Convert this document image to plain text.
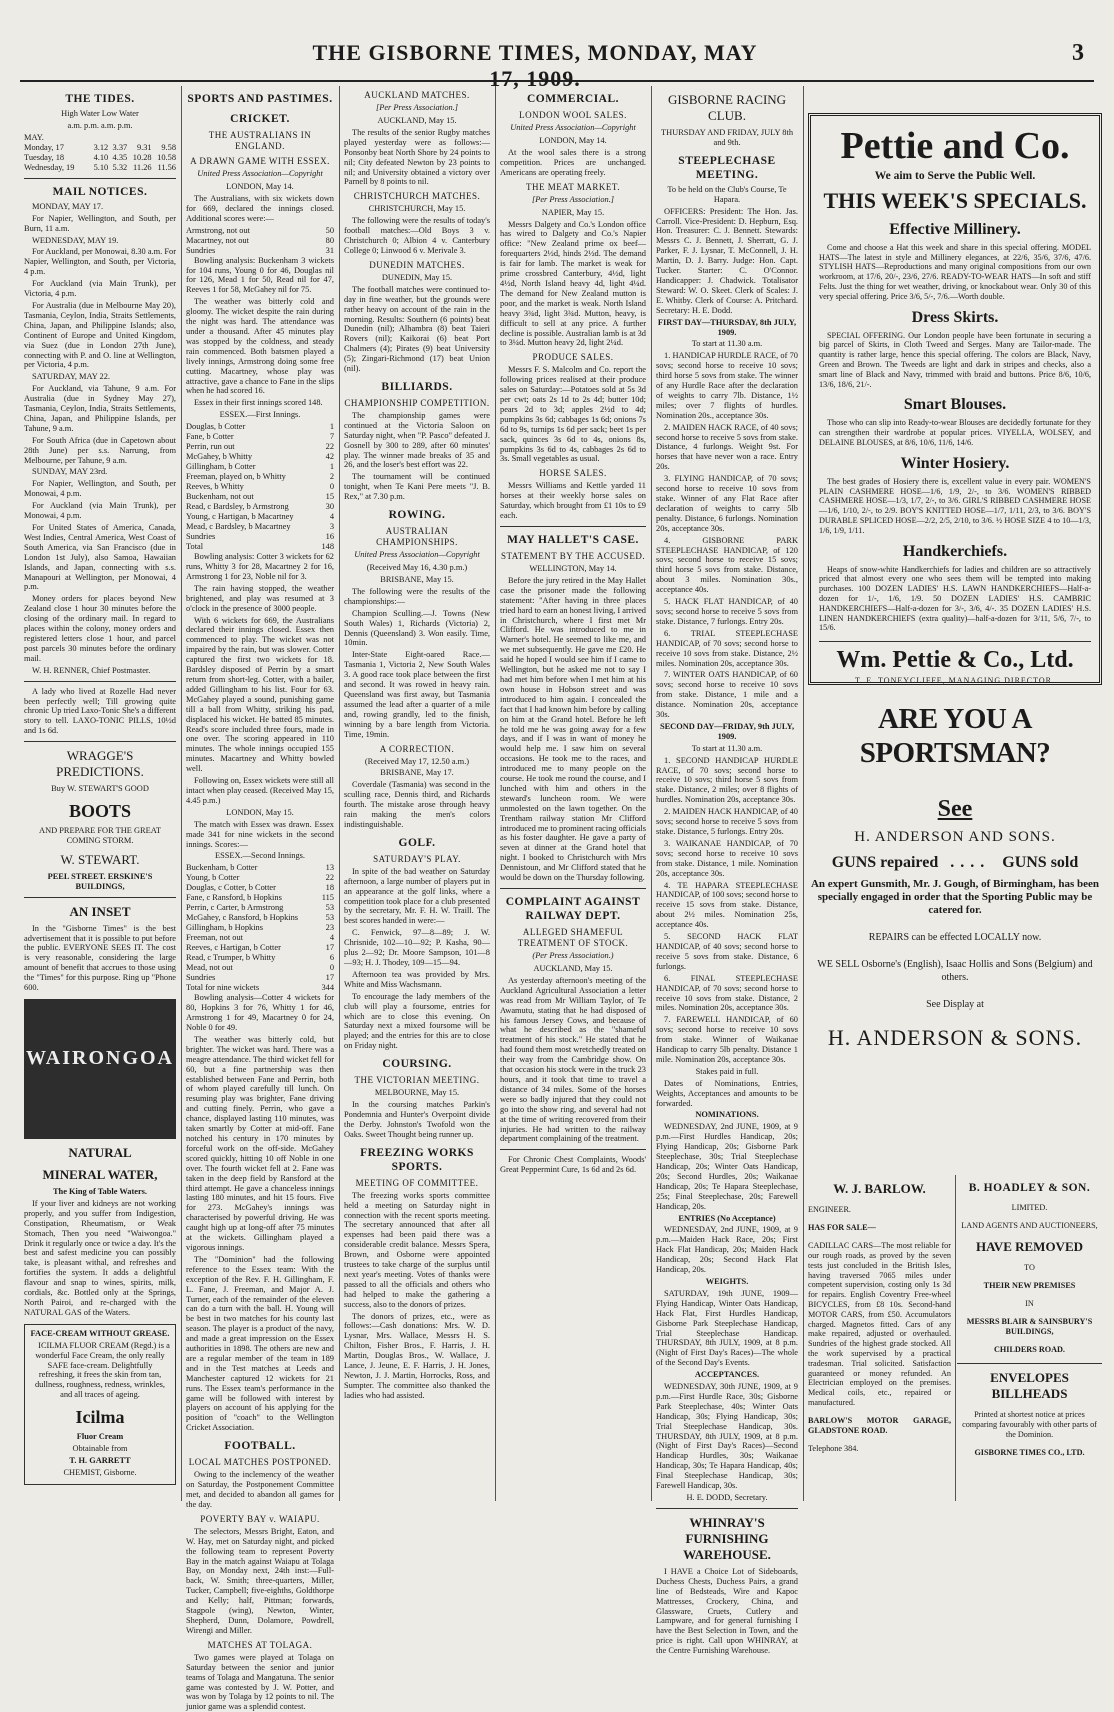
THE GISBORNE TIMES, MONDAY, MAY 17, 1909.
3
THE TIDES.

High Water Low Water

a.m. p.m. a.m. p.m.

MAY.				
Monday, 17	3.12	3.37	9.31	9.58
Tuesday, 18	4.10	4.35	10.28	10.58
Wednesday, 19	5.10	5.32	11.26	11.56
MAIL NOTICES.

MONDAY, MAY 17.

For Napier, Wellington, and South, per Burn, 11 a.m.

WEDNESDAY, MAY 19.

For Auckland, per Monowai, 8.30 a.m. For Napier, Wellington, and South, per Victoria, 4 p.m.

For Auckland (via Main Trunk), per Victoria, 4 p.m.

For Australia (due in Melbourne May 20), Tasmania, Ceylon, India, Straits Settlements, China, Japan, and Philippine Islands; also, Continent of Europe and United Kingdom, via Suez (due in London 27th June), connecting with P. and O. line at Wellington, per Victoria, 4 p.m.

SATURDAY, MAY 22.

For Auckland, via Tahune, 9 a.m. For Australia (due in Sydney May 27), Tasmania, Ceylon, India, Straits Settlements, China, Japan, and Philippine Islands, per Tahune, 9 a.m.

For South Africa (due in Capetown about 28th June) per s.s. Narrung, from Melbourne, per Tahune, 9 a.m.

SUNDAY, MAY 23rd.

For Napier, Wellington, and South, per Monowai, 4 p.m.

For Auckland (via Main Trunk), per Monowai, 4 p.m.

For United States of America, Canada, West Indies, Central America, West Coast of South America, via San Francisco (due in London 1st July), also Samoa, Hawaiian Islands, and Japan, connecting with s.s. Manapouri at Wellington, per Monowai, 4 p.m.

Money orders for places beyond New Zealand close 1 hour 30 minutes before the closing of the ordinary mail. In regard to places within the colony, money orders and registered letters close 1 hour, and parcel post parcels 30 minutes before the ordinary mail.

W. H. RENNER, Chief Postmaster.

A lady who lived at Rozelle Had never been perfectly well; Till growing quite chronic Up tried Laxo-Tonic She's a different story to tell. LAXO-TONIC PILLS, 10½d and 1s 6d.

WRAGGE'S PREDICTIONS.

Buy W. STEWART'S GOOD

BOOTS

AND PREPARE FOR THE GREAT COMING STORM.

W. STEWART.

PEEL STREET. ERSKINE'S BUILDINGS,

AN INSET

In the "Gisborne Times" is the best advertisement that it is possible to put before the public. EVERYONE SEES IT. The cost is very reasonable, considering the large amount of benefit that accrues to those using the "Times" for this purpose. Ring up "Phone 600.

WAIRONGOA
NATURAL
MINERAL WATER,

The King of Table Waters.

If your liver and kidneys are not working properly, and you suffer from Indigestion, Constipation, Rheumatism, or Weak Stomach, Then you need "Waiwongoa." Drink it regularly once or twice a day. It's the best and safest medicine you can possibly take, is pleasant withal, and refreshes and fortifies the system. It adds a delightful flavour and snap to wines, spirits, milk, cordials, &c. Bottled only at the Springs, North Pairoi, and re-charged with the NATURAL GAS of the Waters.

FACE-CREAM WITHOUT GREASE.

ICILMA FLUOR CREAM (Regd.) is a wonderful Face Cream, the only really SAFE face-cream. Delightfully refreshing, it frees the skin from tan, dullness, roughness, redness, wrinkles, and all traces of ageing.

Icilma

Fluor Cream

Obtainable from

T. H. GARRETT

CHEMIST, Gisborne.

SPORTS AND PASTIMES.
CRICKET.
THE AUSTRALIANS IN ENGLAND.
A DRAWN GAME WITH ESSEX.
United Press Association—Copyright

LONDON, May 14.

The Australians, with six wickets down for 669, declared the innings closed. Additional scores were:—

Armstrong, not out	50
Macartney, not out	80
Sundries	31

Bowling analysis: Buckenham 3 wickets for 104 runs, Young 0 for 46, Douglas nil for 126, Mead 1 for 50, Read nil for 47, Reeves 1 for 58, McGahey nil for 75.

The weather was bitterly cold and gloomy. The wicket despite the rain during the night was hard. The attendance was under a thousand. After 45 minutes play was stopped by the coldness, and steady rain commenced. Both batsmen played a lively innings, Armstrong doing some free cutting. Macartney, whose play was attractive, gave a chance to Fane in the slips when he had scored 16.

Essex in their first innings scored 148.

ESSEX.—First Innings.

Douglas, b Cotter	1
Fane, b Cotter	7
Perrin, run out	22
McGahey, b Whitty	42
Gillingham, b Cotter	1
Freeman, played on, b Whitty	2
Reeves, b Whitty	0
Buckenham, not out	15
Read, c Bardsley, b Armstrong	30
Young, c Hartigan, b Macartney	4
Mead, c Bardsley, b Macartney	3
Sundries	16
Total	148

Bowling analysis: Cotter 3 wickets for 62 runs, Whitty 3 for 28, Macartney 2 for 16, Armstrong 1 for 23, Noble nil for 3.

The rain having stopped, the weather brightened, and play was resumed at 3 o'clock in the presence of 3000 people.

With 6 wickets for 669, the Australians declared their innings closed. Essex then commenced to play. The wicket was not impaired by the rain, but was slower. Cotter captured the first two wickets for 18. Bardsley disposed of Perrin by a smart return from short-leg. Cotter, with a bailer, added Gillingham to his list. Four for 63. McGahey played a sound, punishing game till a ball from Whitty, striking his pad, displaced his wicket. He batted 85 minutes. Read's score included three fours, made in one over. The scoring appeared in 110 minutes. The whole innings occupied 155 minutes. Macartney and Whitty bowled well.

Following on, Essex wickets were still all intact when play ceased. (Received May 15, 4.45 p.m.)

LONDON, May 15.

The match with Essex was drawn. Essex made 341 for nine wickets in the second innings. Scores:—

ESSEX.—Second Innings.

Buckenham, b Cotter	13
Young, b Cotter	22
Douglas, c Cotter, b Cotter	18
Fane, c Ransford, b Hopkins	115
Perrin, c Carter, b Armstrong	53
McGahey, c Ransford, b Hopkins	53
Gillingham, b Hopkins	23
Freeman, not out	4
Reeves, c Hartigan, b Cotter	17
Read, c Trumper, b Whitty	6
Mead, not out	0
Sundries	17
Total for nine wickets	344

Bowling analysis—Cotter 4 wickets for 80, Hopkins 3 for 76, Whitty 1 for 46, Armstrong 1 for 49, Macartney 0 for 24, Noble 0 for 49.

The weather was bitterly cold, but brighter. The wicket was hard. There was a meagre attendance. The third wicket fell for 60, but a fine partnership was then established between Fane and Perrin, both of whom played carefully till lunch. On resuming play was brighter, Fane driving and cutting finely. Perrin, who gave a chance, displayed lasting 110 minutes, was taken smartly by Cotter at mid-off. Fane notched his century in 170 minutes by forceful work on the off-side. McGahey scored quickly, hitting 10 off Noble in one over. The fourth wicket fell at 2. Fane was taken in the deep field by Ransford at the third attempt. He gave a chanceless innings lasting 180 minutes, and hit 15 fours. Five for 273. McGahey's innings was characterised by powerful driving. He was caught high up at long-off after 75 minutes at the wickets. Gillingham played a vigorous innings.

The "Dominion" had the following reference to the Essex team: With the exception of the Rev. F. H. Gillingham, F. L. Fane, J. Freeman, and Major A. J. Turner, each of the remainder of the eleven can do a turn with the ball. H. Young will be best in two matches for his county last season. The player is a product of the navy, and made a great impression on the Essex authorities in 1898. The others are new and are a regular member of the team in 189 and in the Test matches at Leeds and Manchester captured 12 wickets for 21 runs. The Essex team's performance in the game will be followed with interest by players on account of his applying for the position of "coach" to the Wellington Cricket Association.

FOOTBALL.
LOCAL MATCHES POSTPONED.

Owing to the inclemency of the weather on Saturday, the Postponement Committee met, and decided to abandon all games for the day.

POVERTY BAY v. WAIAPU.

The selectors, Messrs Bright, Eaton, and W. Hay, met on Saturday night, and picked the following team to represent Poverty Bay in the match against Waiapu at Tolaga Bay, on Monday next, 24th inst:—Full-back, W. Smith; three-quarters, Miller, Tucker, Campbell; five-eighths, Goldthorpe and Kelly; half, Pittman; forwards, Stagpole (wing), Newton, Winter, Shepherd, Dunn, Dolamore, Powdrell, Wirengi and Miller.

MATCHES AT TOLAGA.

Two games were played at Tolaga on Saturday between the senior and junior teams of Tolaga and Mangatuna. The senior game was contested by J. W. Potter, and was won by Tolaga by 12 points to nil. The junior game was a splendid contest.

AUCKLAND MATCHES.
[Per Press Association.]

AUCKLAND, May 15.

The results of the senior Rugby matches played yesterday were as follows:—Ponsonby beat North Shore by 24 points to nil; City defeated Newton by 23 points to nil; and University obtained a victory over Parnell by 8 points to nil.

CHRISTCHURCH MATCHES.

CHRISTCHURCH, May 15.

The following were the results of today's football matches:—Old Boys 3 v. Christchurch 0; Albion 4 v. Canterbury College 0; Linwood 6 v. Merivale 3.

DUNEDIN MATCHES.

DUNEDIN, May 15.

The football matches were continued to-day in fine weather, but the grounds were rather heavy on account of the rain in the morning. Results: Southern (6 points) beat Dunedin (nil); Alhambra (8) beat Taieri Rovers (nil); Kaikorai (6) beat Port Chalmers (4); Pirates (9) beat University (5); Zingari-Richmond (17) beat Union (nil).

BILLIARDS.
CHAMPIONSHIP COMPETITION.

The championship games were continued at the Victoria Saloon on Saturday night, when "P. Pasco" defeated J. Gosnell by 300 to 289, after 60 minutes' play. The winner made breaks of 35 and 26, and the loser's best effort was 22.

The tournament will be continued tonight, when Te Kani Pere meets "J. B. Rex," at 7.30 p.m.

ROWING.
AUSTRALIAN CHAMPIONSHIPS.
United Press Association—Copyright

(Received May 16, 4.30 p.m.)

BRISBANE, May 15.

The following were the results of the championships:—

Champion Sculling.—J. Towns (New South Wales) 1, Richards (Victoria) 2, Dennis (Queensland) 3. Won easily. Time, 10min.

Inter-State Eight-oared Race.—Tasmania 1, Victoria 2, New South Wales 3. A good race took place between the first and second. It was rowed in heavy rain. Queensland was first away, but Tasmania assumed the lead after a quarter of a mile and, rowing grandly, led to the finish, winning by a bare length from Victoria. Time, 19min.

A CORRECTION.

(Received May 17, 12.50 a.m.)

BRISBANE, May 17.

Coverdale (Tasmania) was second in the sculling race, Dennis third, and Richards fourth. The mistake arose through heavy rain making the men's colors indistinguishable.

GOLF.
SATURDAY'S PLAY.

In spite of the bad weather on Saturday afternoon, a large number of players put in an appearance at the golf links, where a competition took place for a club presented by the secretary, Mr. F. H. W. Traill. The best scores handed in were:—

C. Fenwick, 97—8—89; J. W. Chrisnide, 102—10—92; P. Kasha, 90—plus 2—92; Dr. Moore Sampson, 101—8—93; H. J. Thodey, 109—15—94.

Afternoon tea was provided by Mrs. White and Miss Wachsmann.

To encourage the lady members of the club will play a foursome, entries for which are to close this evening. On Saturday next a mixed foursome will be played; and the entries for this are to close on Friday night.

COURSING.
THE VICTORIAN MEETING.

MELBOURNE, May 15.

In the coursing matches Parkin's Pondemnia and Hunter's Overpoint divide the Derby. Johnston's Twofold won the Oaks. Sweet Thought being runner up.

FREEZING WORKS SPORTS.
MEETING OF COMMITTEE.

The freezing works sports committee held a meeting on Saturday night in connection with the recent sports meeting. The secretary announced that after all expenses had been paid there was a considerable credit balance. Messrs Spera, Brown, and Osborne were appointed trustees to take charge of the surplus until next year's meeting. Votes of thanks were passed to all the officials and others who had helped to make the gathering a success, also to the donors of prizes.

The donors of prizes, etc., were as follows:—Cash donations: Mrs. W. D. Lysnar, Mrs. Wallace, Messrs H. S. Chilton, Fisher Bros., F. Harris, J. H. Martin, Douglas Bros., W. Wallace, J. Lance, J. Jeune, E. F. Harris, J. H. Jones, Newton, J. J. Martin, Horrocks, Ross, and Sumpter. The committee also thanked the ladies who had assisted.

COMMERCIAL.
LONDON WOOL SALES.
United Press Association—Copyright

LONDON, May 14.

At the wool sales there is a strong competition. Prices are unchanged. Americans are operating freely.

THE MEAT MARKET.
[Per Press Association.]

NAPIER, May 15.

Messrs Dalgety and Co.'s London office has wired to Dalgety and Co.'s Napier office: "New Zealand prime ox beef—forequarters 2½d, hinds 2½d. The demand is fair for lamb. The market is weak for prime crossbred Canterbury, 4½d, light 4½d, North Island heavy 4d, light 4¼d. The demand for New Zealand mutton is poor, and the market is weak. North Island heavy 3¾d, light 3¾d. Mutton, heavy, is difficult to sell at any price. A further decline is possible. Australian lamb is at 3d to 3¼d. Mutton heavy 2d, light 2¼d.

PRODUCE SALES.

Messrs F. S. Malcolm and Co. report the following prices realised at their produce sales on Saturday:—Potatoes sold at 5s 3d per cwt; oats 2s 1d to 2s 4d; butter 10d; pears 2d to 3d; apples 2½d to 4d; pumpkins 3s 6d; cabbages 1s 6d; onions 7s 6d to 9s, turnips 1s 6d per sack; beet 1s per sack, quinces 3s 6d to 4s, onions 8s, pumpkins 3s 6d to 4s, cabbages 2s 6d to 3s. Small vegetables as usual.

HORSE SALES.

Messrs Williams and Kettle yarded 11 horses at their weekly horse sales on Saturday, which brought from £1 10s to £9 each.

MAY HALLET'S CASE.
STATEMENT BY THE ACCUSED.

WELLINGTON, May 14.

Before the jury retired in the May Hallet case the prisoner made the following statement: "After having in three places tried hard to earn an honest living, I arrived in Christchurch, where I first met Mr Clifford. He was introduced to me in Warner's hotel. He seemed to like me, and we met subsequently. He gave me £20. He said he hoped I would see him if I came to Wellington, but he asked me not to say I had met him before when I met him at his own house in Hobson street and was introduced to him again. I concealed the fact that I had known him before by calling on him at the Grand hotel. Before he left he told me he was going away for a few days, and if I was in want of money he would help me. I saw him on several occasions. He took me to the races, and introduced me to many people on the course. He took me round the course, and I lunched with him and others in the steward's luncheon room. We were unmolested on the lawn together. On the Trentham railway station Mr Clifford introduced me to prominent racing officials as his foster daughter. He gave a party of seven at dinner at the Grand hotel that night. I booked to Christchurch with Mrs Dennistoun, and Mr Clifford stated that he would be down on the Thursday following.

COMPLAINT AGAINST RAILWAY DEPT.
ALLEGED SHAMEFUL TREATMENT OF STOCK.
(Per Press Association.)

AUCKLAND, May 15.

As yesterday afternoon's meeting of the Auckland Agricultural Association a letter was read from Mr William Taylor, of Te Awamutu, stating that he had disposed of his famous Jersey Cows, and because of what he described as the "shameful treatment of his stock." He stated that he had found them most wretchedly treated on their way from the Cambridge show. On that occasion his stock were in the truck 23 hours, and it took that time to travel a distance of 34 miles. Some of the horses were so badly injured that they could not go into the show ring, and several had not at the time of writing recovered from their injuries. He had written to the railway department complaining of the treatment.

For Chronic Chest Complaints, Woods' Great Peppermint Cure, 1s 6d and 2s 6d.

GISBORNE RACING CLUB.

THURSDAY AND FRIDAY, JULY 8th and 9th.

STEEPLECHASE MEETING.

To be held on the Club's Course, Te Hapara.

OFFICERS: President: The Hon. Jas. Carroll. Vice-President: D. Hepburn, Esq. Hon. Treasurer: C. J. Bennett. Stewards: Messrs C. J. Bennett, J. Sherratt, G. J. Parker, F. J. Lysnar, T. McConnell, J. H. Martin, D. J. Barry. Judge: Hon. Capt. Tucker. Starter: C. O'Connor. Handicapper: J. Chadwick. Totalisator Steward: W. O. Skeet. Clerk of Scales: J. E. Whitby. Clerk of Course: A. Pritchard. Secretary: H. E. Dodd.

FIRST DAY—THURSDAY, 8th JULY, 1909.

To start at 11.30 a.m.

1. HANDICAP HURDLE RACE, of 70 sovs; second horse to receive 10 sovs; third horse 5 sovs from stake. The winner of any Hurdle Race after the declaration of weights to carry 7lb. Distance, 1½ miles; over 7 flights of hurdles. Nomination 20s., acceptance 30s.

2. MAIDEN HACK RACE, of 40 sovs; second horse to receive 5 sovs from stake. Distance, 4 furlongs. Weight 9st. For horses that have never won a race. Entry 20s.

3. FLYING HANDICAP, of 70 sovs; second horse to receive 10 sovs from stake. Winner of any Flat Race after declaration of weights to carry 5lb penalty. Distance, 6 furlongs. Nomination 20s, acceptance 30s.

4. GISBORNE PARK STEEPLECHASE HANDICAP, of 120 sovs; second horse to receive 15 sovs; third horse 5 sovs from stake. Distance, about 3 miles. Nomination 30s., acceptance 40s.

5. HACK FLAT HANDICAP, of 40 sovs; second horse to receive 5 sovs from stake. Distance, 7 furlongs. Entry 20s.

6. TRIAL STEEPLECHASE HANDICAP, of 70 sovs; second horse to receive 10 sovs from stake. Distance, 2½ miles. Nomination 20s, acceptance 30s.

7. WINTER OATS HANDICAP, of 60 sovs; second horse to receive 10 sovs from stake. Distance, 1 mile and a distance. Nomination 20s, acceptance 30s.

SECOND DAY—FRIDAY, 9th JULY, 1909.

To start at 11.30 a.m.

1. SECOND HANDICAP HURDLE RACE, of 70 sovs; second horse to receive 10 sovs; third horse 5 sovs from stake. Distance, 2 miles; over 8 flights of hurdles. Nomination 20s, acceptance 30s.

2. MAIDEN HACK HANDICAP, of 40 sovs; second horse to receive 5 sovs from stake. Distance, 5 furlongs. Entry 20s.

3. WAIKANAE HANDICAP, of 70 sovs; second horse to receive 10 sovs from stake. Distance, 1 mile. Nomination 20s, acceptance 30s.

4. TE HAPARA STEEPLECHASE HANDICAP, of 100 sovs; second horse to receive 15 sovs from stake. Distance, about 2½ miles. Nomination 25s, acceptance 40s.

5. SECOND HACK FLAT HANDICAP, of 40 sovs; second horse to receive 5 sovs from stake. Distance, 6 furlongs.

6. FINAL STEEPLECHASE HANDICAP, of 70 sovs; second horse to receive 10 sovs from stake. Distance, 2 miles. Nomination 20s, acceptance 30s.

7. FAREWELL HANDICAP, of 60 sovs; second horse to receive 10 sovs from stake. Winner of Waikanae Handicap to carry 5lb penalty. Distance 1 mile. Nomination 20s, acceptance 30s.

Stakes paid in full.

Dates of Nominations, Entries, Weights, Acceptances and amounts to be forwarded.

NOMINATIONS.

WEDNESDAY, 2nd JUNE, 1909, at 9 p.m.—First Hurdles Handicap, 20s; Flying Handicap, 20s; Gisborne Park Steeplechase, 30s; Trial Steeplechase Handicap, 20s; Winter Oats Handicap, 20s; Second Hurdles, 20s; Waikanae Handicap, 20s; Te Hapara Steeplechase, 25s; Final Steeplechase, 20s; Farewell Handicap, 20s.

ENTRIES (No Acceptance)

WEDNESDAY, 2nd JUNE, 1909, at 9 p.m.—Maiden Hack Race, 20s; First Hack Flat Handicap, 20s; Maiden Hack Handicap, 20s; Second Hack Flat Handicap, 20s.

WEIGHTS.

SATURDAY, 19th JUNE, 1909—Flying Handicap, Winter Oats Handicap, Hack Flat, First Hurdles Handicap, Gisborne Park Steeplechase Handicap, Trial Steeplechase Handicap. THURSDAY, 8th JULY, 1909, at 8 p.m. (Night of First Day's Races)—The whole of the Second Day's Events.

ACCEPTANCES.

WEDNESDAY, 30th JUNE, 1909, at 9 p.m.—First Hurdle Race, 30s; Gisborne Park Steeplechase, 40s; Winter Oats Handicap, 30s; Flying Handicap, 30s; Trial Steeplechase Handicap, 30s. THURSDAY, 8th JULY, 1909, at 8 p.m. (Night of First Day's Races)—Second Handicap Hurdles, 30s; Waikanae Handicap, 30s; Te Hapara Handicap, 40s; Final Steeplechase Handicap, 30s; Farewell Handicap, 30s.

H. E. DODD, Secretary.

WHINRAY'S FURNISHING WAREHOUSE.

I HAVE a Choice Lot of Sideboards, Duchess Chests, Duchess Pairs, a grand line of Bedsteads, Wire and Kapoc Mattresses, Crockery, China, and Glassware, Cruets, Cutlery and Lampware, and for general furnishing I have the Best Selection in Town, and the price is right. Call upon WHINRAY, at the Centre Furnishing Warehouse.

Pettie and Co.
We aim to Serve the Public Well.
THIS WEEK'S SPECIALS.
Effective Millinery.

Come and choose a Hat this week and share in this special offering. MODEL HATS—The latest in style and Millinery elegances, at 22/6, 35/6, 37/6, 47/6. STYLISH HATS—Reproductions and many original compositions from our own workroom, at 17/6, 20/-, 23/6, 27/6. READY-TO-WEAR HATS—In soft and stiff Felts. Just the thing for wet weather, driving, or knockabout wear. Only 30 of this very special offering. Price 3/6, 5/-, 7/6.—Worth double.

Dress Skirts.

SPECIAL OFFERING. Our London people have been fortunate in securing a big parcel of Skirts, in Cloth Tweed and Serges. Many are Tailor-made. The quantity is rather large, hence this special offering. The colors are Black, Navy, Green and Brown. The Tweeds are light and dark in stripes and checks, also a smart line of Black and Navy, trimmed with braid and buttons. Price 8/6, 10/6, 13/6, 18/6, 21/-.

Smart Blouses.

Those who can slip into Ready-to-wear Blouses are decidedly fortunate for they can strengthen their wardrobe at popular prices. VIYELLA, WOLSEY, and DELAINE BLOUSES, at 8/6, 10/6, 11/6, 14/6.

Winter Hosiery.

The best grades of Hosiery there is, excellent value in every pair. WOMEN'S PLAIN CASHMERE HOSE—1/6, 1/9, 2/-, to 3/6. WOMEN'S RIBBED CASHMERE HOSE—1/3, 1/7, 2/-, to 3/6. GIRL'S RIBBED CASHMERE HOSE—1/6, 1/10, 2/-, to 2/9. BOY'S KNITTED HOSE—1/7, 1/11, 2/3, to 3/6. BOY'S DURABLE SPLICED HOSE—2/2, 2/5, 2/10, to 3/6. ½ HOSE SIZE 4 to 10—1/3, 1/6, 1/9, 1/11.

Handkerchiefs.

Heaps of snow-white Handkerchiefs for ladies and children are so attractively priced that almost every one who sees them will be tempted into making purchases. 100 DOZEN LADIES' H.S. LAWN HANDKERCHIEFS—Half-a-dozen for 1/-, 1/6, 1/9. 50 DOZEN LADIES' H.S. CAMBRIC HANDKERCHIEFS—Half-a-dozen for 3/-, 3/6, 4/-. 35 DOZEN LADIES' H.S. LINEN HANDKERCHIEFS (extra quality)—half-a-dozen for 3/11, 5/6, 7/-, to 15/6.

Wm. Pettie & Co., Ltd.
T. E. TONEYCLIFFE, MANAGING DIRECTOR.
ARE YOU A SPORTSMAN?
See
H. ANDERSON AND SONS.
GUNS repaired .... GUNS sold
An expert Gunsmith, Mr. J. Gough, of Birmingham, has been specially engaged in order that the Sporting Public may be catered for.
REPAIRS can be effected LOCALLY now.
WE SELL Osborne's (English), Isaac Hollis and Sons (Belgium) and others.
See Display at
H. ANDERSON & SONS.
W. J. BARLOW.

ENGINEER.

HAS FOR SALE—

CADILLAC CARS—The most reliable for our rough roads, as proved by the seven tests just concluded in the British Isles, having traversed 7065 miles under competent supervision, costing only 1s 3d for repairs. English Coventry Free-wheel BICYCLES, from £8 10s. Second-hand MOTOR CARS, from £50. Accumulators charged. Magnetos fitted. Cars of any make repaired, adjusted or overhauled. Sundries of the highest grade stocked. All the work supervised by a practical tradesman. Trial solicited. Satisfaction guaranteed or money refunded. An Electrician employed on the premises. Medical coils, etc., repaired or manufactured.

BARLOW'S MOTOR GARAGE, GLADSTONE ROAD.

Telephone 384.

B. HOADLEY & SON.

LIMITED.

LAND AGENTS AND AUCTIONEERS,

HAVE REMOVED

TO

THEIR NEW PREMISES

IN

MESSRS BLAIR & SAINSBURY'S BUILDINGS,

CHILDERS ROAD.

ENVELOPES BILLHEADS

Printed at shortest notice at prices comparing favourably with other parts of the Dominion.

GISBORNE TIMES CO., LTD.
